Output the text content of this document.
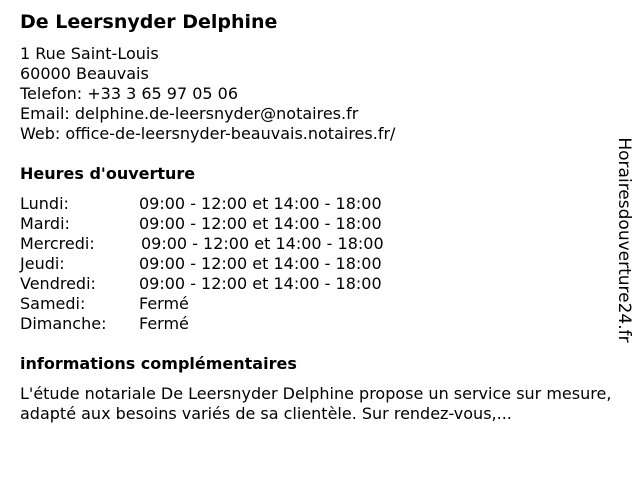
De Leersnyder Delphine
1 Rue Saint-Louis
60000 Beauvais
Telefon: +33 3 65 97 05 06
Email: delphine.de-leersnyder@notaires.fr
Web: office-de-leersnyder-beauvais.notaires.fr/
Heures d'ouverture
Lundi:	09:00 - 12:00 et 14:00 - 18:00
Mardi:	09:00 - 12:00 et 14:00 - 18:00
Mercredi:	09:00 - 12:00 et 14:00 - 18:00
Jeudi:	09:00 - 12:00 et 14:00 - 18:00
Vendredi:	09:00 - 12:00 et 14:00 - 18:00
Samedi:	Fermé
Dimanche: Fermé
informations complémentaires
L'étude notariale De Leersnyder Delphine propose un service sur mesure, adapté aux besoins variés de sa clientèle. Sur rendez-vous,...
Horairesdouverture24.fr
